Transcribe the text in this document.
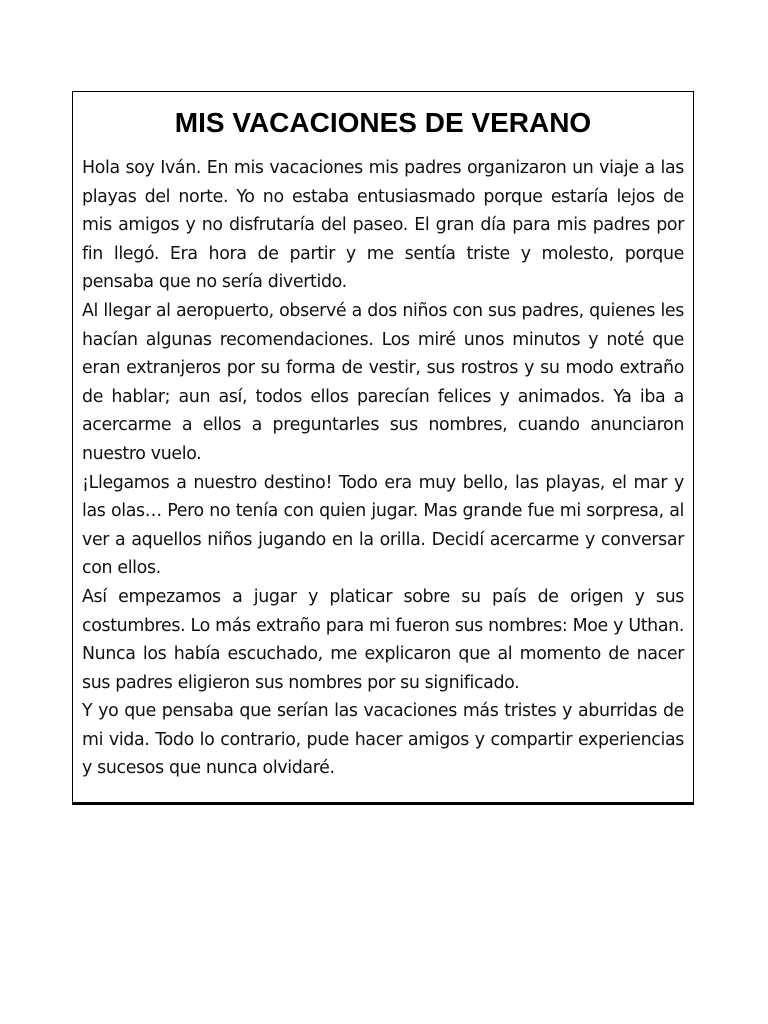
MIS VACACIONES DE VERANO

Hola soy Iván. En mis vacaciones mis padres organizaron un viaje a las playas del norte. Yo no estaba entusiasmado porque estaría lejos de mis amigos y no disfrutaría del paseo. El gran día para mis padres por fin llegó. Era hora de partir y me sentía triste y molesto, porque pensaba que no sería divertido.

Al llegar al aeropuerto, observé a dos niños con sus padres, quienes les hacían algunas recomendaciones. Los miré unos minutos y noté que eran extranjeros por su forma de vestir, sus rostros y su modo extraño de hablar; aun así, todos ellos parecían felices y animados. Ya iba a acercarme a ellos a preguntarles sus nombres, cuando anunciaron nuestro vuelo.

¡Llegamos a nuestro destino! Todo era muy bello, las playas, el mar y las olas… Pero no tenía con quien jugar. Mas grande fue mi sorpresa, al ver a aquellos niños jugando en la orilla. Decidí acercarme y conversar con ellos.

Así empezamos a jugar y platicar sobre su país de origen y sus costumbres. Lo más extraño para mi fueron sus nombres: Moe y Uthan. Nunca los había escuchado, me explicaron que al momento de nacer sus padres eligieron sus nombres por su significado.

Y yo que pensaba que serían las vacaciones más tristes y aburridas de mi vida. Todo lo contrario, pude hacer amigos y compartir experiencias y sucesos que nunca olvidaré.
